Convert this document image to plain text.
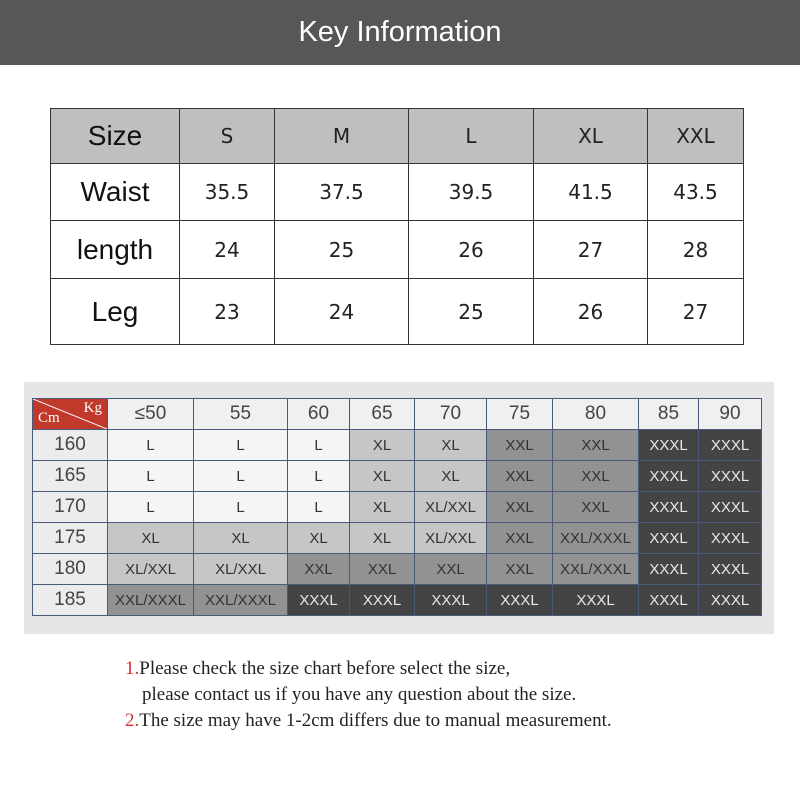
Key Information
Size	S	M	L	XL	XXL
Waist	35.5	37.5	39.5	41.5	43.5
length	24	25	26	27	28
Leg	23	24	25	26	27
Cm
Kg	≤50	55	60	65	70	75	80	85	90
160	L	L	L	XL	XL	XXL	XXL	XXXL	XXXL
165	L	L	L	XL	XL	XXL	XXL	XXXL	XXXL
170	L	L	L	XL	XL/XXL	XXL	XXL	XXXL	XXXL
175	XL	XL	XL	XL	XL/XXL	XXL	XXL/XXXL	XXXL	XXXL
180	XL/XXL	XL/XXL	XXL	XXL	XXL	XXL	XXL/XXXL	XXXL	XXXL
185	XXL/XXXL	XXL/XXXL	XXXL	XXXL	XXXL	XXXL	XXXL	XXXL	XXXL
1.Please check the size chart before select the size,
please contact us if you have any question about the size.
2.The size may have 1-2cm differs due to manual measurement.
